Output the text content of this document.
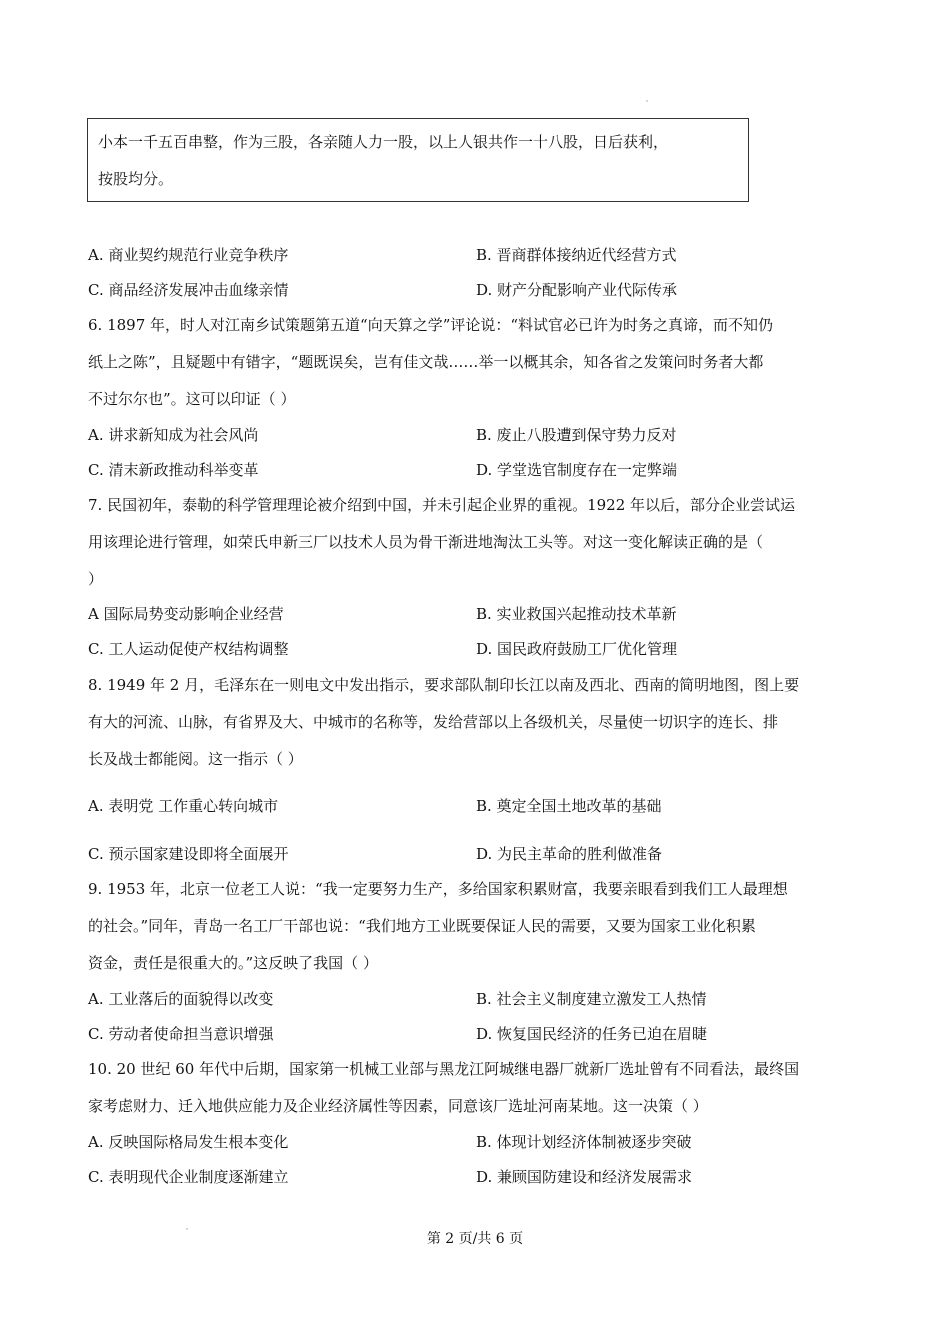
小本一千五百串整，作为三股，各亲随人力一股，以上人银共作一十八股，日后获利，
按股均分。
A. 商业契约规范行业竞争秩序	B. 晋商群体接纳近代经营方式
C. 商品经济发展冲击血缘亲情	D. 财产分配影响产业代际传承
6. 1897 年，时人对江南乡试策题第五道“向天算之学”评论说：“料试官必已许为时务之真谛，而不知仍
纸上之陈”，且疑题中有错字，“题既误矣，岂有佳文哉……举一以概其余，知各省之发策问时务者大都
不过尔尔也”。这可以印证（ ）
A. 讲求新知成为社会风尚	B. 废止八股遭到保守势力反对
C. 清末新政推动科举变革	D. 学堂选官制度存在一定弊端
7. 民国初年，泰勒的科学管理理论被介绍到中国，并未引起企业界的重视。1922 年以后，部分企业尝试运
用该理论进行管理，如荣氏申新三厂以技术人员为骨干渐进地淘汰工头等。对这一变化解读正确的是（
）
A 国际局势变动影响企业经营	B. 实业救国兴起推动技术革新
C. 工人运动促使产权结构调整	D. 国民政府鼓励工厂优化管理
8. 1949 年 2 月，毛泽东在一则电文中发出指示，要求部队制印长江以南及西北、西南的简明地图，图上要
有大的河流、山脉，有省界及大、中城市的名称等，发给营部以上各级机关，尽量使一切识字的连长、排
长及战士都能阅。这一指示（ ）
A. 表明党 工作重心转向城市	B. 奠定全国土地改革的基础
C. 预示国家建设即将全面展开	D. 为民主革命的胜利做准备
9. 1953 年，北京一位老工人说：“我一定要努力生产，多给国家积累财富，我要亲眼看到我们工人最理想
的社会。”同年，青岛一名工厂干部也说：“我们地方工业既要保证人民的需要，又要为国家工业化积累
资金，责任是很重大的。”这反映了我国（ ）
A. 工业落后的面貌得以改变	B. 社会主义制度建立激发工人热情
C. 劳动者使命担当意识增强	D. 恢复国民经济的任务已迫在眉睫
10. 20 世纪 60 年代中后期，国家第一机械工业部与黑龙江阿城继电器厂就新厂选址曾有不同看法，最终国
家考虑财力、迁入地供应能力及企业经济属性等因素，同意该厂选址河南某地。这一决策（ ）
A. 反映国际格局发生根本变化	B. 体现计划经济体制被逐步突破
C. 表明现代企业制度逐渐建立	D. 兼顾国防建设和经济发展需求
第 2 页/共 6 页
